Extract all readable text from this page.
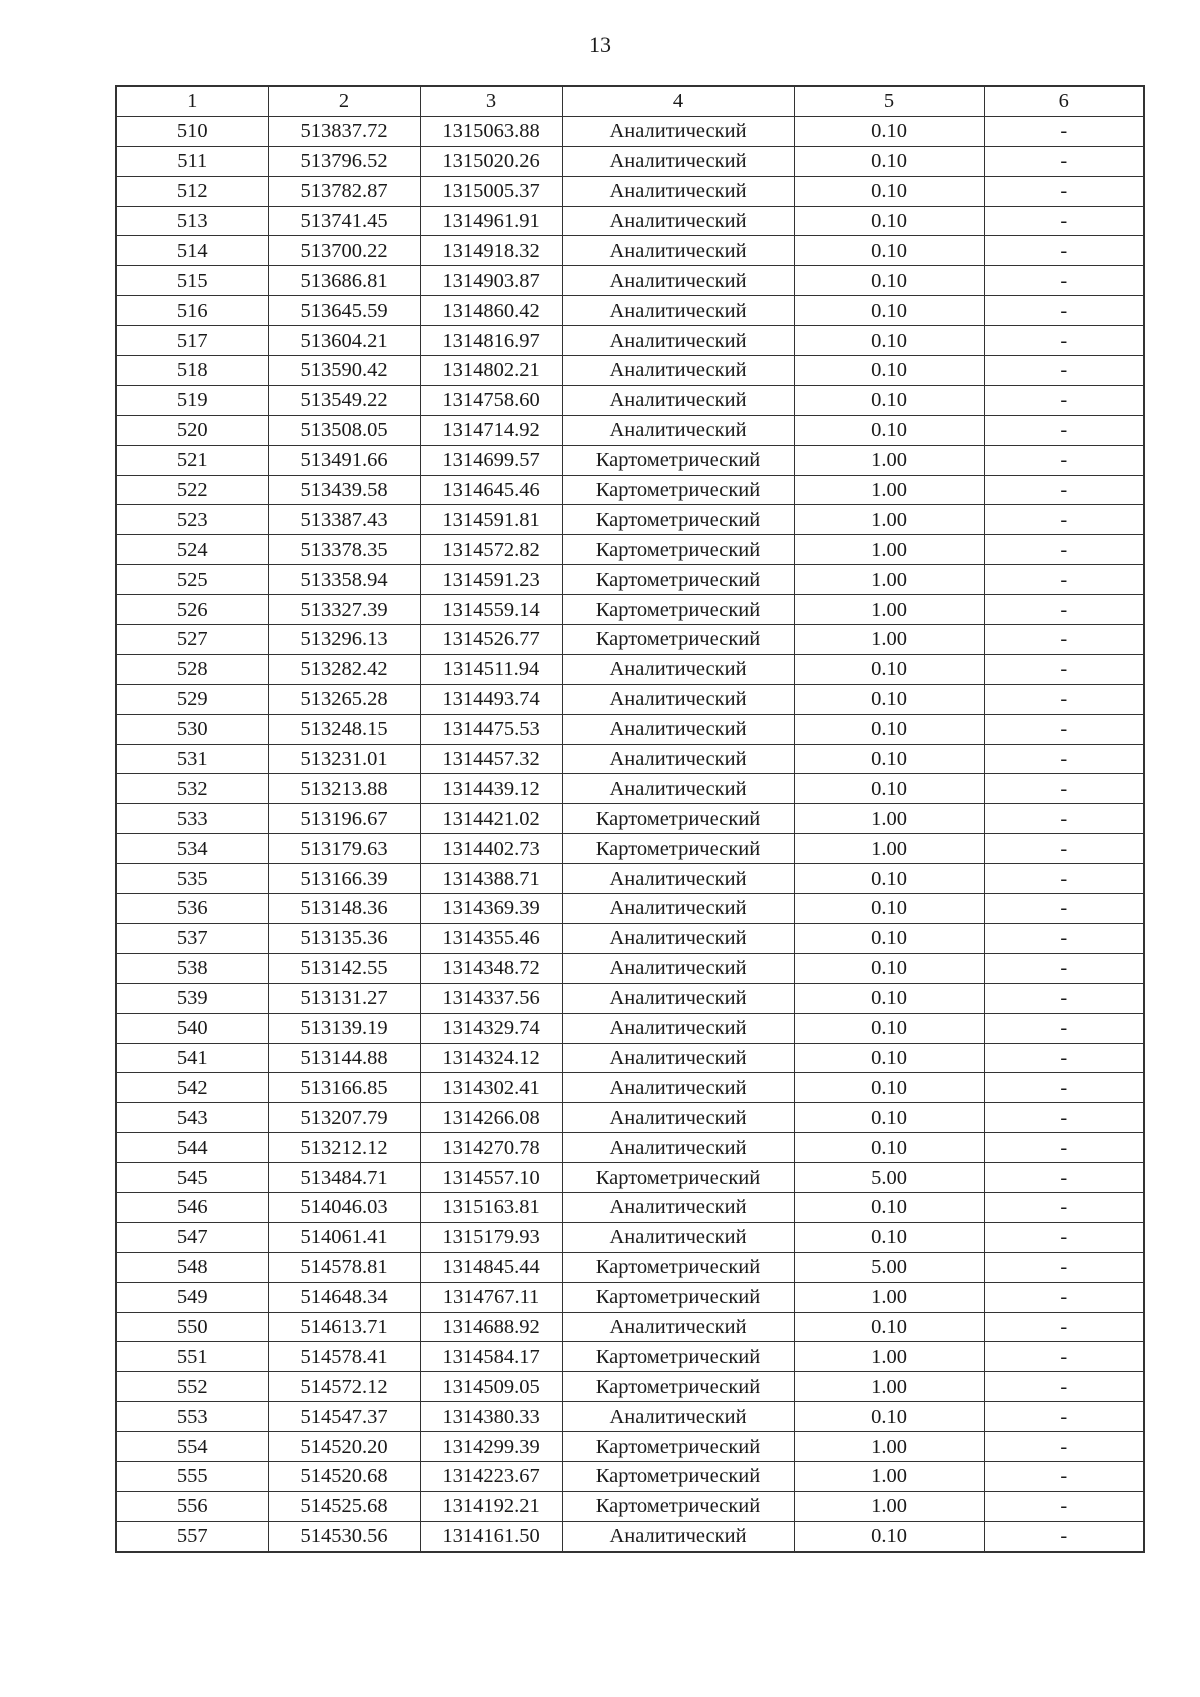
13
1	2	3	4	5	6
510	513837.72	1315063.88	Аналитический	0.10	-
511	513796.52	1315020.26	Аналитический	0.10	-
512	513782.87	1315005.37	Аналитический	0.10	-
513	513741.45	1314961.91	Аналитический	0.10	-
514	513700.22	1314918.32	Аналитический	0.10	-
515	513686.81	1314903.87	Аналитический	0.10	-
516	513645.59	1314860.42	Аналитический	0.10	-
517	513604.21	1314816.97	Аналитический	0.10	-
518	513590.42	1314802.21	Аналитический	0.10	-
519	513549.22	1314758.60	Аналитический	0.10	-
520	513508.05	1314714.92	Аналитический	0.10	-
521	513491.66	1314699.57	Картометрический	1.00	-
522	513439.58	1314645.46	Картометрический	1.00	-
523	513387.43	1314591.81	Картометрический	1.00	-
524	513378.35	1314572.82	Картометрический	1.00	-
525	513358.94	1314591.23	Картометрический	1.00	-
526	513327.39	1314559.14	Картометрический	1.00	-
527	513296.13	1314526.77	Картометрический	1.00	-
528	513282.42	1314511.94	Аналитический	0.10	-
529	513265.28	1314493.74	Аналитический	0.10	-
530	513248.15	1314475.53	Аналитический	0.10	-
531	513231.01	1314457.32	Аналитический	0.10	-
532	513213.88	1314439.12	Аналитический	0.10	-
533	513196.67	1314421.02	Картометрический	1.00	-
534	513179.63	1314402.73	Картометрический	1.00	-
535	513166.39	1314388.71	Аналитический	0.10	-
536	513148.36	1314369.39	Аналитический	0.10	-
537	513135.36	1314355.46	Аналитический	0.10	-
538	513142.55	1314348.72	Аналитический	0.10	-
539	513131.27	1314337.56	Аналитический	0.10	-
540	513139.19	1314329.74	Аналитический	0.10	-
541	513144.88	1314324.12	Аналитический	0.10	-
542	513166.85	1314302.41	Аналитический	0.10	-
543	513207.79	1314266.08	Аналитический	0.10	-
544	513212.12	1314270.78	Аналитический	0.10	-
545	513484.71	1314557.10	Картометрический	5.00	-
546	514046.03	1315163.81	Аналитический	0.10	-
547	514061.41	1315179.93	Аналитический	0.10	-
548	514578.81	1314845.44	Картометрический	5.00	-
549	514648.34	1314767.11	Картометрический	1.00	-
550	514613.71	1314688.92	Аналитический	0.10	-
551	514578.41	1314584.17	Картометрический	1.00	-
552	514572.12	1314509.05	Картометрический	1.00	-
553	514547.37	1314380.33	Аналитический	0.10	-
554	514520.20	1314299.39	Картометрический	1.00	-
555	514520.68	1314223.67	Картометрический	1.00	-
556	514525.68	1314192.21	Картометрический	1.00	-
557	514530.56	1314161.50	Аналитический	0.10	-
